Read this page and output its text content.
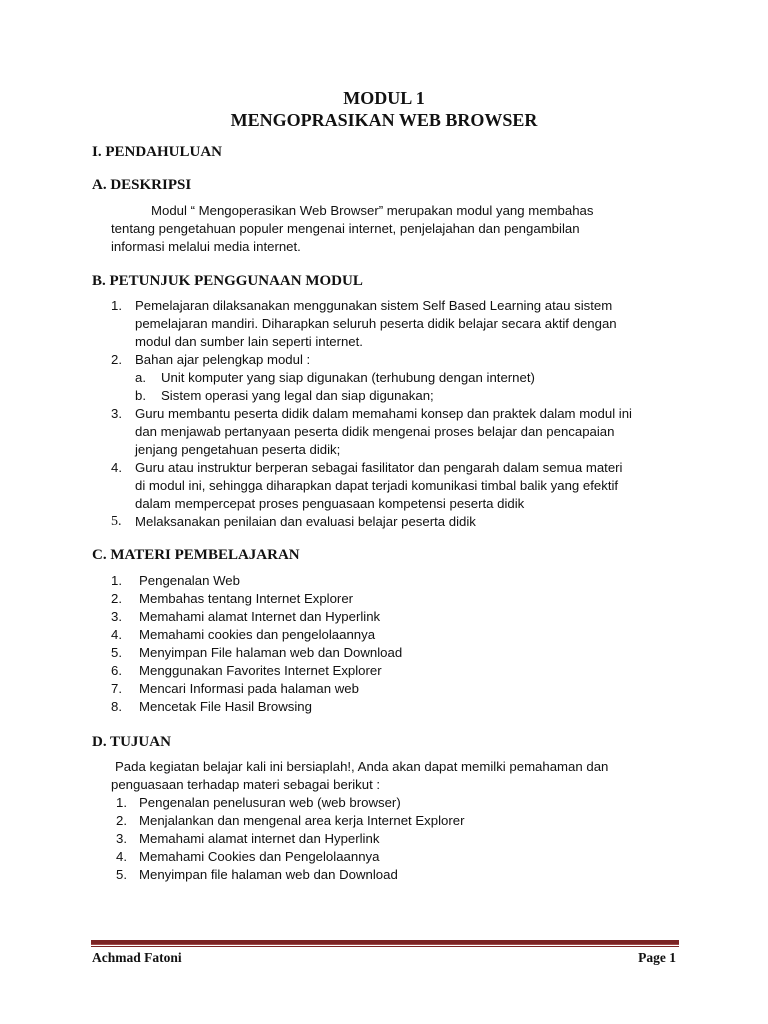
MODUL 1
MENGOPRASIKAN WEB BROWSER
I. PENDAHULUAN
A. DESKRIPSI
Modul “ Mengoperasikan Web Browser” merupakan modul yang membahas
tentang pengetahuan populer mengenai internet, penjelajahan dan pengambilan
informasi melalui media internet.
B. PETUNJUK PENGGUNAAN MODUL
1. Pemelajaran dilaksanakan menggunakan sistem Self Based Learning atau sistem
pemelajaran mandiri. Diharapkan seluruh peserta didik belajar secara aktif dengan
modul dan sumber lain seperti internet.
2. Bahan ajar pelengkap modul :
a. Unit komputer yang siap digunakan (terhubung dengan internet)
b. Sistem operasi yang legal dan siap digunakan;
3. Guru membantu peserta didik dalam memahami konsep dan praktek dalam modul ini
dan menjawab pertanyaan peserta didik mengenai proses belajar dan pencapaian
jenjang pengetahuan peserta didik;
4. Guru atau instruktur berperan sebagai fasilitator dan pengarah dalam semua materi
di modul ini, sehingga diharapkan dapat terjadi komunikasi timbal balik yang efektif
dalam mempercepat proses penguasaan kompetensi peserta didik
5. Melaksanakan penilaian dan evaluasi belajar peserta didik
C. MATERI PEMBELAJARAN
1. Pengenalan Web
2. Membahas tentang Internet Explorer
3. Memahami alamat Internet dan Hyperlink
4. Memahami cookies dan pengelolaannya
5. Menyimpan File halaman web dan Download
6. Menggunakan Favorites Internet Explorer
7. Mencari Informasi pada halaman web
8. Mencetak File Hasil Browsing
D. TUJUAN
Pada kegiatan belajar kali ini bersiaplah!, Anda akan dapat memilki pemahaman dan
penguasaan terhadap materi sebagai berikut :
1. Pengenalan penelusuran web (web browser)
2. Menjalankan dan mengenal area kerja Internet Explorer
3. Memahami alamat internet dan Hyperlink
4. Memahami Cookies dan Pengelolaannya
5. Menyimpan file halaman web dan Download
Achmad Fatoni	Page 1
